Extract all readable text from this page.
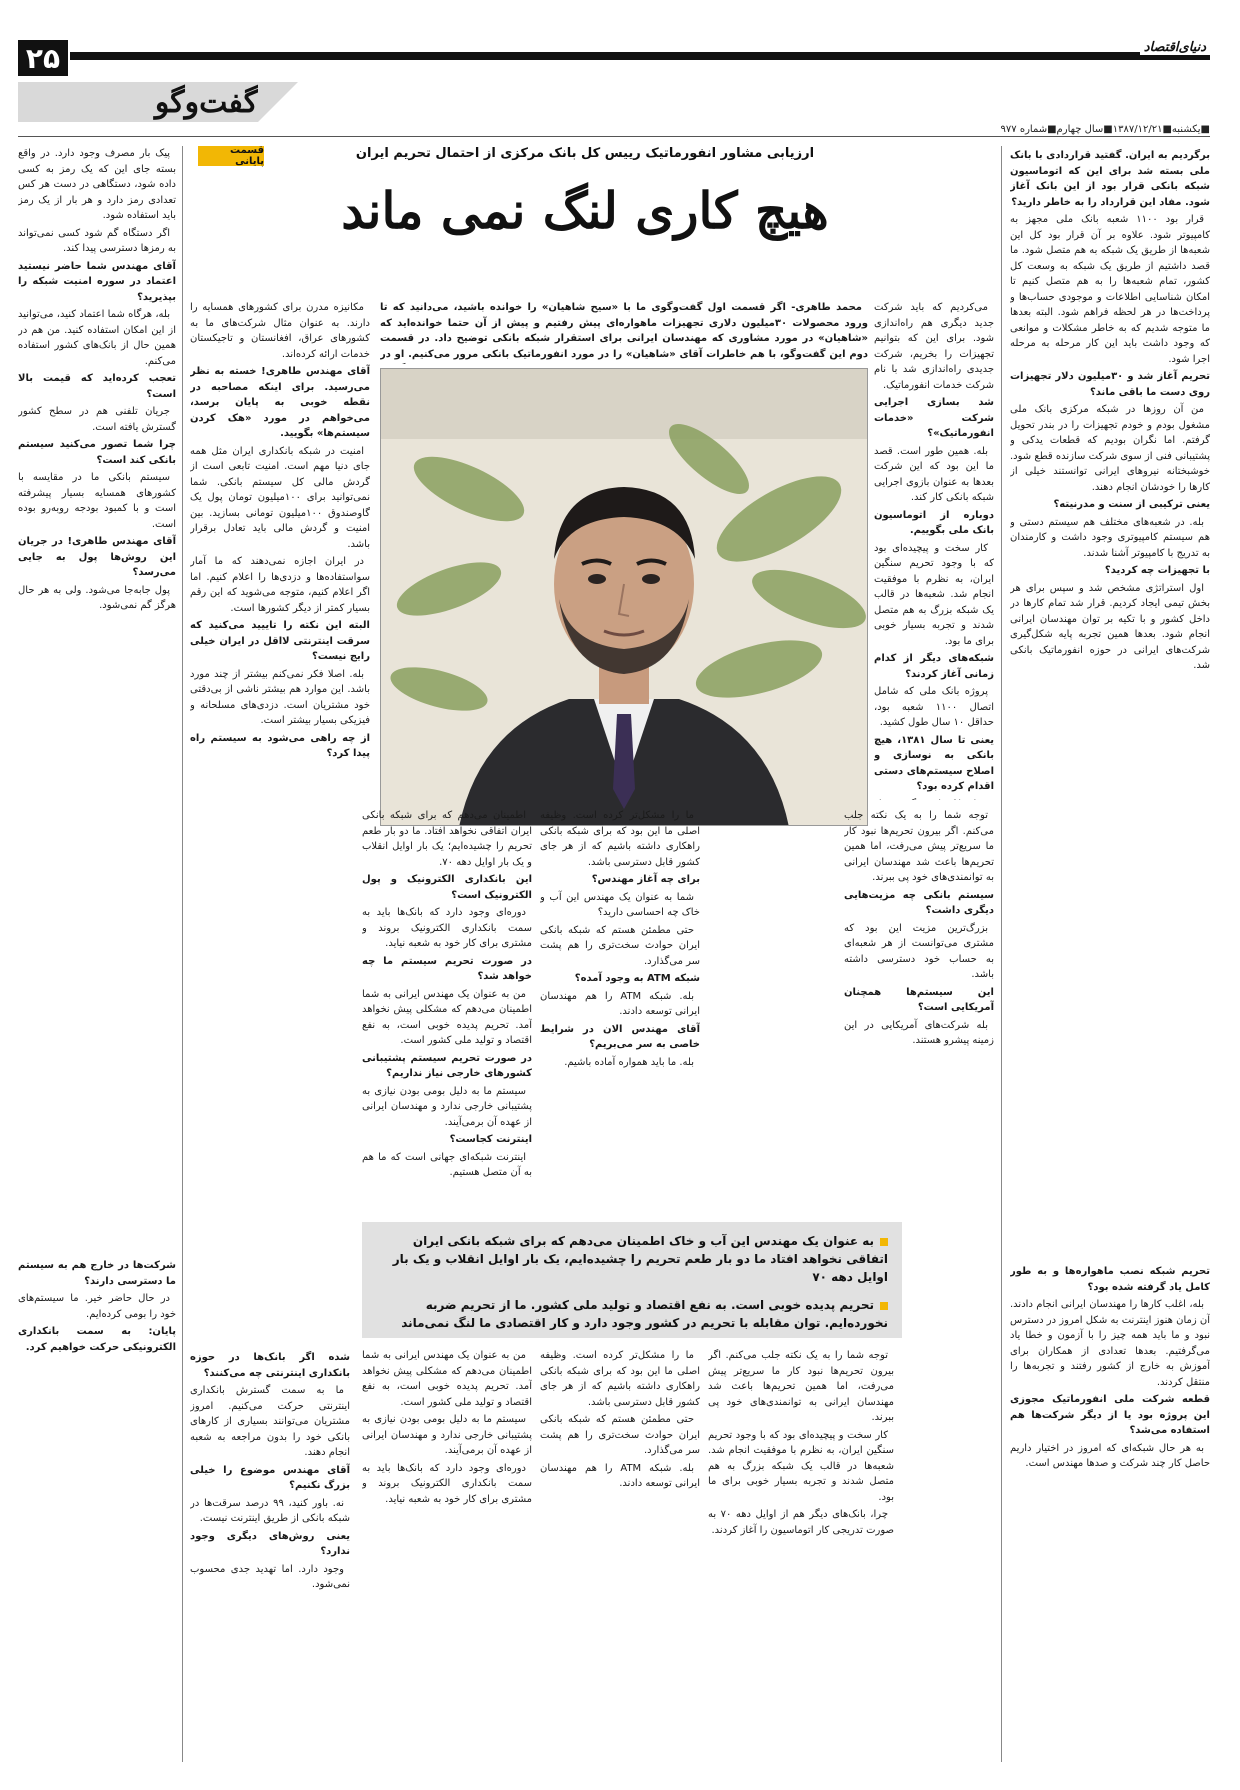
۲۵	دنیای‌اقتصاد
گفت‌وگو
■یکشنبه■۱۳۸۷/۱۲/۲۱■سال چهارم■شماره ۹۷۷
قسمت پایانی
ارزیابی مشاور انفورماتیک رییس کل بانک مرکزی از احتمال تحریم ایران
هیچ کاری لنگ نمی ماند

محمد طاهری- اگر قسمت اول گفت‌وگوی ما با «سیح شاهیان» را خوانده باشید، می‌دانید که تا ورود محصولات ۳۰میلیون دلاری تجهیزات ماهواره‌ای پیش رفتیم و پیش از آن حتما خوانده‌اید که «شاهیان» در مورد مشاوری که مهندسان ایرانی برای استقرار شبکه بانکی توضیح داد. در قسمت دوم این گفت‌وگو، با هم خاطرات آقای «شاهیان» را در مورد انفورماتیک بانکی مرور می‌کنیم. او در

برگردیم به ایران. گفتید قراردادی با بانک ملی بسته شد برای این که اتوماسیون شبکه بانکی قرار بود از این بانک آغاز شود. مفاد این قرارداد را به خاطر دارید؟

قرار بود ۱۱۰۰ شعبه بانک ملی مجهز به کامپیوتر شود. علاوه بر آن قرار بود کل این شعبه‌ها از طریق یک شبکه به هم متصل شود. ما قصد داشتیم از طریق یک شبکه به وسعت کل کشور، تمام شعبه‌ها را به هم متصل کنیم تا امکان شناسایی اطلاعات و موجودی حساب‌ها و پرداخت‌ها در هر لحظه فراهم شود. البته بعدها ما متوجه شدیم که به خاطر مشکلات و موانعی که وجود داشت باید این کار مرحله به مرحله اجرا شود.

تحریم آغاز شد و ۳۰میلیون دلار تجهیزات روی دست ما باقی ماند؟

من آن روزها در شبکه مرکزی بانک ملی مشغول بودم و خودم تجهیزات را در بندر تحویل گرفتم. اما نگران بودیم که قطعات یدکی و پشتیبانی فنی از سوی شرکت سازنده قطع شود. خوشبختانه نیروهای ایرانی توانستند خیلی از کارها را خودشان انجام دهند.

یعنی ترکیبی از سنت و مدرنیته؟

بله. در شعبه‌های مختلف هم سیستم دستی و هم سیستم کامپیوتری وجود داشت و کارمندان به تدریج با کامپیوتر آشنا شدند.

با تجهیزات چه کردید؟

اول استراتژی مشخص شد و سپس برای هر بخش تیمی ایجاد کردیم. قرار شد تمام کارها در داخل کشور و با تکیه بر توان مهندسان ایرانی انجام شود. بعدها همین تجربه پایه شکل‌گیری شرکت‌های ایرانی در حوزه انفورماتیک بانکی شد.

تحریم شبکه نصب ماهواره‌ها و به طور کامل یاد گرفته شده بود؟

بله، اغلب کارها را مهندسان ایرانی انجام دادند. آن زمان هنوز اینترنت به شکل امروز در دسترس نبود و ما باید همه چیز را با آزمون و خطا یاد می‌گرفتیم. بعدها تعدادی از همکاران برای آموزش به خارج از کشور رفتند و تجربه‌ها را منتقل کردند.

قطعه شرکت ملی انفورماتیک مجوزی این پروژه بود یا از دیگر شرکت‌ها هم استفاده می‌شد؟

به هر حال شبکه‌ای که امروز در اختیار داریم حاصل کار چند شرکت و صدها مهندس است.

می‌کردیم که باید شرکت جدید دیگری هم راه‌اندازی شود. برای این که بتوانیم تجهیزات را بخریم، شرکت جدیدی راه‌اندازی شد با نام شرکت خدمات انفورماتیک.

شد بسازی اجرایی شرکت «خدمات انفورماتیک»؟

بله. همین طور است. قصد ما این بود که این شرکت بعدها به عنوان بازوی اجرایی شبکه بانکی کار کند.

دوباره از اتوماسیون بانک ملی بگوییم.

کار سخت و پیچیده‌ای بود که با وجود تحریم سنگین ایران، به نظرم با موفقیت انجام شد. شعبه‌ها در قالب یک شبکه بزرگ به هم متصل شدند و تجربه بسیار خوبی برای ما بود.

شبکه‌های دیگر از کدام زمانی آغاز کردند؟

پروژه بانک ملی که شامل اتصال ۱۱۰۰ شعبه بود، حداقل ۱۰ سال طول کشید.

یعنی تا سال ۱۳۸۱، هیچ بانکی به نوسازی و اصلاح سیستم‌های دستی اقدام کرده بود؟

توجه شما را به یک نکته جلب می‌کنم. اگر بیرون تحریم‌ها نبود کار ما سریع‌تر پیش می‌رفت، اما همین تحریم‌ها باعث شد مهندسان ایرانی به توانمندی‌های خود پی ببرند.

سیستم بانکی چه مزیت‌هایی دیگری داشت؟

بزرگ‌ترین مزیت این بود که مشتری می‌توانست از هر شعبه‌ای به حساب خود دسترسی داشته باشد.

این سیستم‌ها همچنان آمریکایی است؟

بله شرکت‌های آمریکایی در این زمینه پیشرو هستند.

مکانیزه مدرن برای کشورهای همسایه را دارند. به عنوان مثال شرکت‌های ما به کشورهای عراق، افغانستان و تاجیکستان خدمات ارائه کرده‌اند.

آقای مهندس طاهری! خسته به نظر می‌رسید. برای اینکه مصاحبه در نقطه خوبی به پایان برسد، می‌خواهم در مورد «هک کردن سیستم‌ها» بگویید.

امنیت در شبکه بانکداری ایران مثل همه جای دنیا مهم است. امنیت تابعی است از گردش مالی کل سیستم بانکی. شما نمی‌توانید برای ۱۰۰میلیون تومان پول یک گاوصندوق ۱۰۰میلیون تومانی بسازید. بین امنیت و گردش مالی باید تعادل برقرار باشد.

در ایران اجازه نمی‌دهند که ما آمار سواستفاده‌ها و دزدی‌ها را اعلام کنیم. اما اگر اعلام کنیم، متوجه می‌شوید که این رقم بسیار کمتر از دیگر کشورها است.

البته این نکته را تاییید می‌کنید که سرقت اینترنتی لااقل در ایران خیلی رایج نیست؟

بله. اصلا فکر نمی‌کنم بیشتر از چند مورد باشد. این موارد هم بیشتر ناشی از بی‌دقتی خود مشتریان است. دزدی‌های مسلحانه و فیزیکی بسیار بیشتر است.

از چه راهی می‌شود به سیستم راه پیدا کرد؟

شده اگر بانک‌ها در حوزه بانکداری اینترنتی چه می‌کنند؟

ما به سمت گسترش بانکداری اینترنتی حرکت می‌کنیم. امروز مشتریان می‌توانند بسیاری از کارهای بانکی خود را بدون مراجعه به شعبه انجام دهند.

آقای مهندس موضوع را خیلی بزرگ نکنیم؟

نه. باور کنید، ۹۹ درصد سرقت‌ها در شبکه بانکی از طریق اینترنت نیست.

یعنی روش‌های دیگری وجود ندارد؟

وجود دارد. اما تهدید جدی محسوب نمی‌شود.

پیک بار مصرف وجود دارد. در واقع بسته جای این که یک رمز به کسی داده شود، دستگاهی در دست هر کس تعدادی رمز دارد و هر بار از یک رمز باید استفاده شود.

اگر دستگاه گم شود کسی نمی‌تواند به رمزها دسترسی پیدا کند.

آقای مهندس شما حاضر نیستید اعتماد در سوره امنیت شبکه را بپذیرید؟

بله، هرگاه شما اعتماد کنید، می‌توانید از این امکان استفاده کنید. من هم در همین حال از بانک‌های کشور استفاده می‌کنم.

تعجب کرده‌اید که قیمت بالا است؟

جریان تلفنی هم در سطح کشور گسترش یافته است.

چرا شما تصور می‌کنید سیستم بانکی کند است؟

سیستم بانکی ما در مقایسه با کشورهای همسایه بسیار پیشرفته است و با کمبود بودجه روبه‌رو بوده است.

آقای مهندس طاهری! در جریان این روش‌ها پول به جایی می‌رسد؟

پول جابه‌جا می‌شود. ولی به هر حال هرگز گم نمی‌شود.

شرکت‌ها در خارج هم به سیستم ما دسترسی دارند؟

در حال حاضر خیر. ما سیستم‌های خود را بومی کرده‌ایم.

پایان: به سمت بانکداری الکترونیکی حرکت خواهیم کرد.

اطمینان می‌دهم که برای شبکه بانکی ایران اتفاقی نخواهد افتاد. ما دو بار طعم تحریم را چشیده‌ایم؛ یک بار اوایل انقلاب و یک بار اوایل دهه ۷۰.

این بانکداری الکترونیک و پول الکترونیک است؟

دوره‌ای وجود دارد که بانک‌ها باید به سمت بانکداری الکترونیک بروند و مشتری برای کار خود به شعبه نیاید.

در صورت تحریم سیستم ما چه خواهد شد؟

من به عنوان یک مهندس ایرانی به شما اطمینان می‌دهم که مشکلی پیش نخواهد آمد. تحریم پدیده خوبی است، به نفع اقتصاد و تولید ملی کشور است.

در صورت تحریم سیستم پشتیبانی کشورهای خارجی نیاز نداریم؟

سیستم ما به دلیل بومی بودن نیازی به پشتیبانی خارجی ندارد و مهندسان ایرانی از عهده آن برمی‌آیند.

اینترنت کجاست؟

اینترنت شبکه‌ای جهانی است که ما هم به آن متصل هستیم.

ما را مشکل‌تر کرده است. وظیفه اصلی ما این بود که برای شبکه بانکی راهکاری داشته باشیم که از هر جای کشور قابل دسترسی باشد.

برای چه آغاز مهندس؟

شما به عنوان یک مهندس این آب و خاک چه احساسی دارید؟

حتی مطمئن هستم که شبکه بانکی ایران حوادث سخت‌تری را هم پشت سر می‌گذارد.

شبکه ATM به وجود آمده؟

بله. شبکه ATM را هم مهندسان ایرانی توسعه دادند.

آقای مهندس الان در شرایط خاصی به سر می‌بریم؟

بله. ما باید همواره آماده باشیم.

به عنوان یک مهندس این آب و خاک اطمینان می‌دهم که برای شبکه بانکی ایران اتفاقی نخواهد افتاد ما دو بار طعم تحریم را چشیده‌ایم، یک بار اوایل انقلاب و یک بار اوایل دهه ۷۰
تحریم پدیده خوبی است. به نفع اقتصاد و تولید ملی کشور. ما از تحریم ضربه نخورده‌ایم. توان مقابله با تحریم در کشور وجود دارد و کار اقتصادی ما لنگ نمی‌ماند

من به عنوان یک مهندس ایرانی به شما اطمینان می‌دهم که مشکلی پیش نخواهد آمد. تحریم پدیده خوبی است، به نفع اقتصاد و تولید ملی کشور است.

سیستم ما به دلیل بومی بودن نیازی به پشتیبانی خارجی ندارد و مهندسان ایرانی از عهده آن برمی‌آیند.

دوره‌ای وجود دارد که بانک‌ها باید به سمت بانکداری الکترونیک بروند و مشتری برای کار خود به شعبه نیاید.

ما را مشکل‌تر کرده است. وظیفه اصلی ما این بود که برای شبکه بانکی راهکاری داشته باشیم که از هر جای کشور قابل دسترسی باشد.

حتی مطمئن هستم که شبکه بانکی ایران حوادث سخت‌تری را هم پشت سر می‌گذارد.

بله. شبکه ATM را هم مهندسان ایرانی توسعه دادند.

توجه شما را به یک نکته جلب می‌کنم. اگر بیرون تحریم‌ها نبود کار ما سریع‌تر پیش می‌رفت، اما همین تحریم‌ها باعث شد مهندسان ایرانی به توانمندی‌های خود پی ببرند.

کار سخت و پیچیده‌ای بود که با وجود تحریم سنگین ایران، به نظرم با موفقیت انجام شد. شعبه‌ها در قالب یک شبکه بزرگ به هم متصل شدند و تجربه بسیار خوبی برای ما بود.

چرا، بانک‌های دیگر هم از اوایل دهه ۷۰ به صورت تدریجی کار اتوماسیون را آغاز کردند.
